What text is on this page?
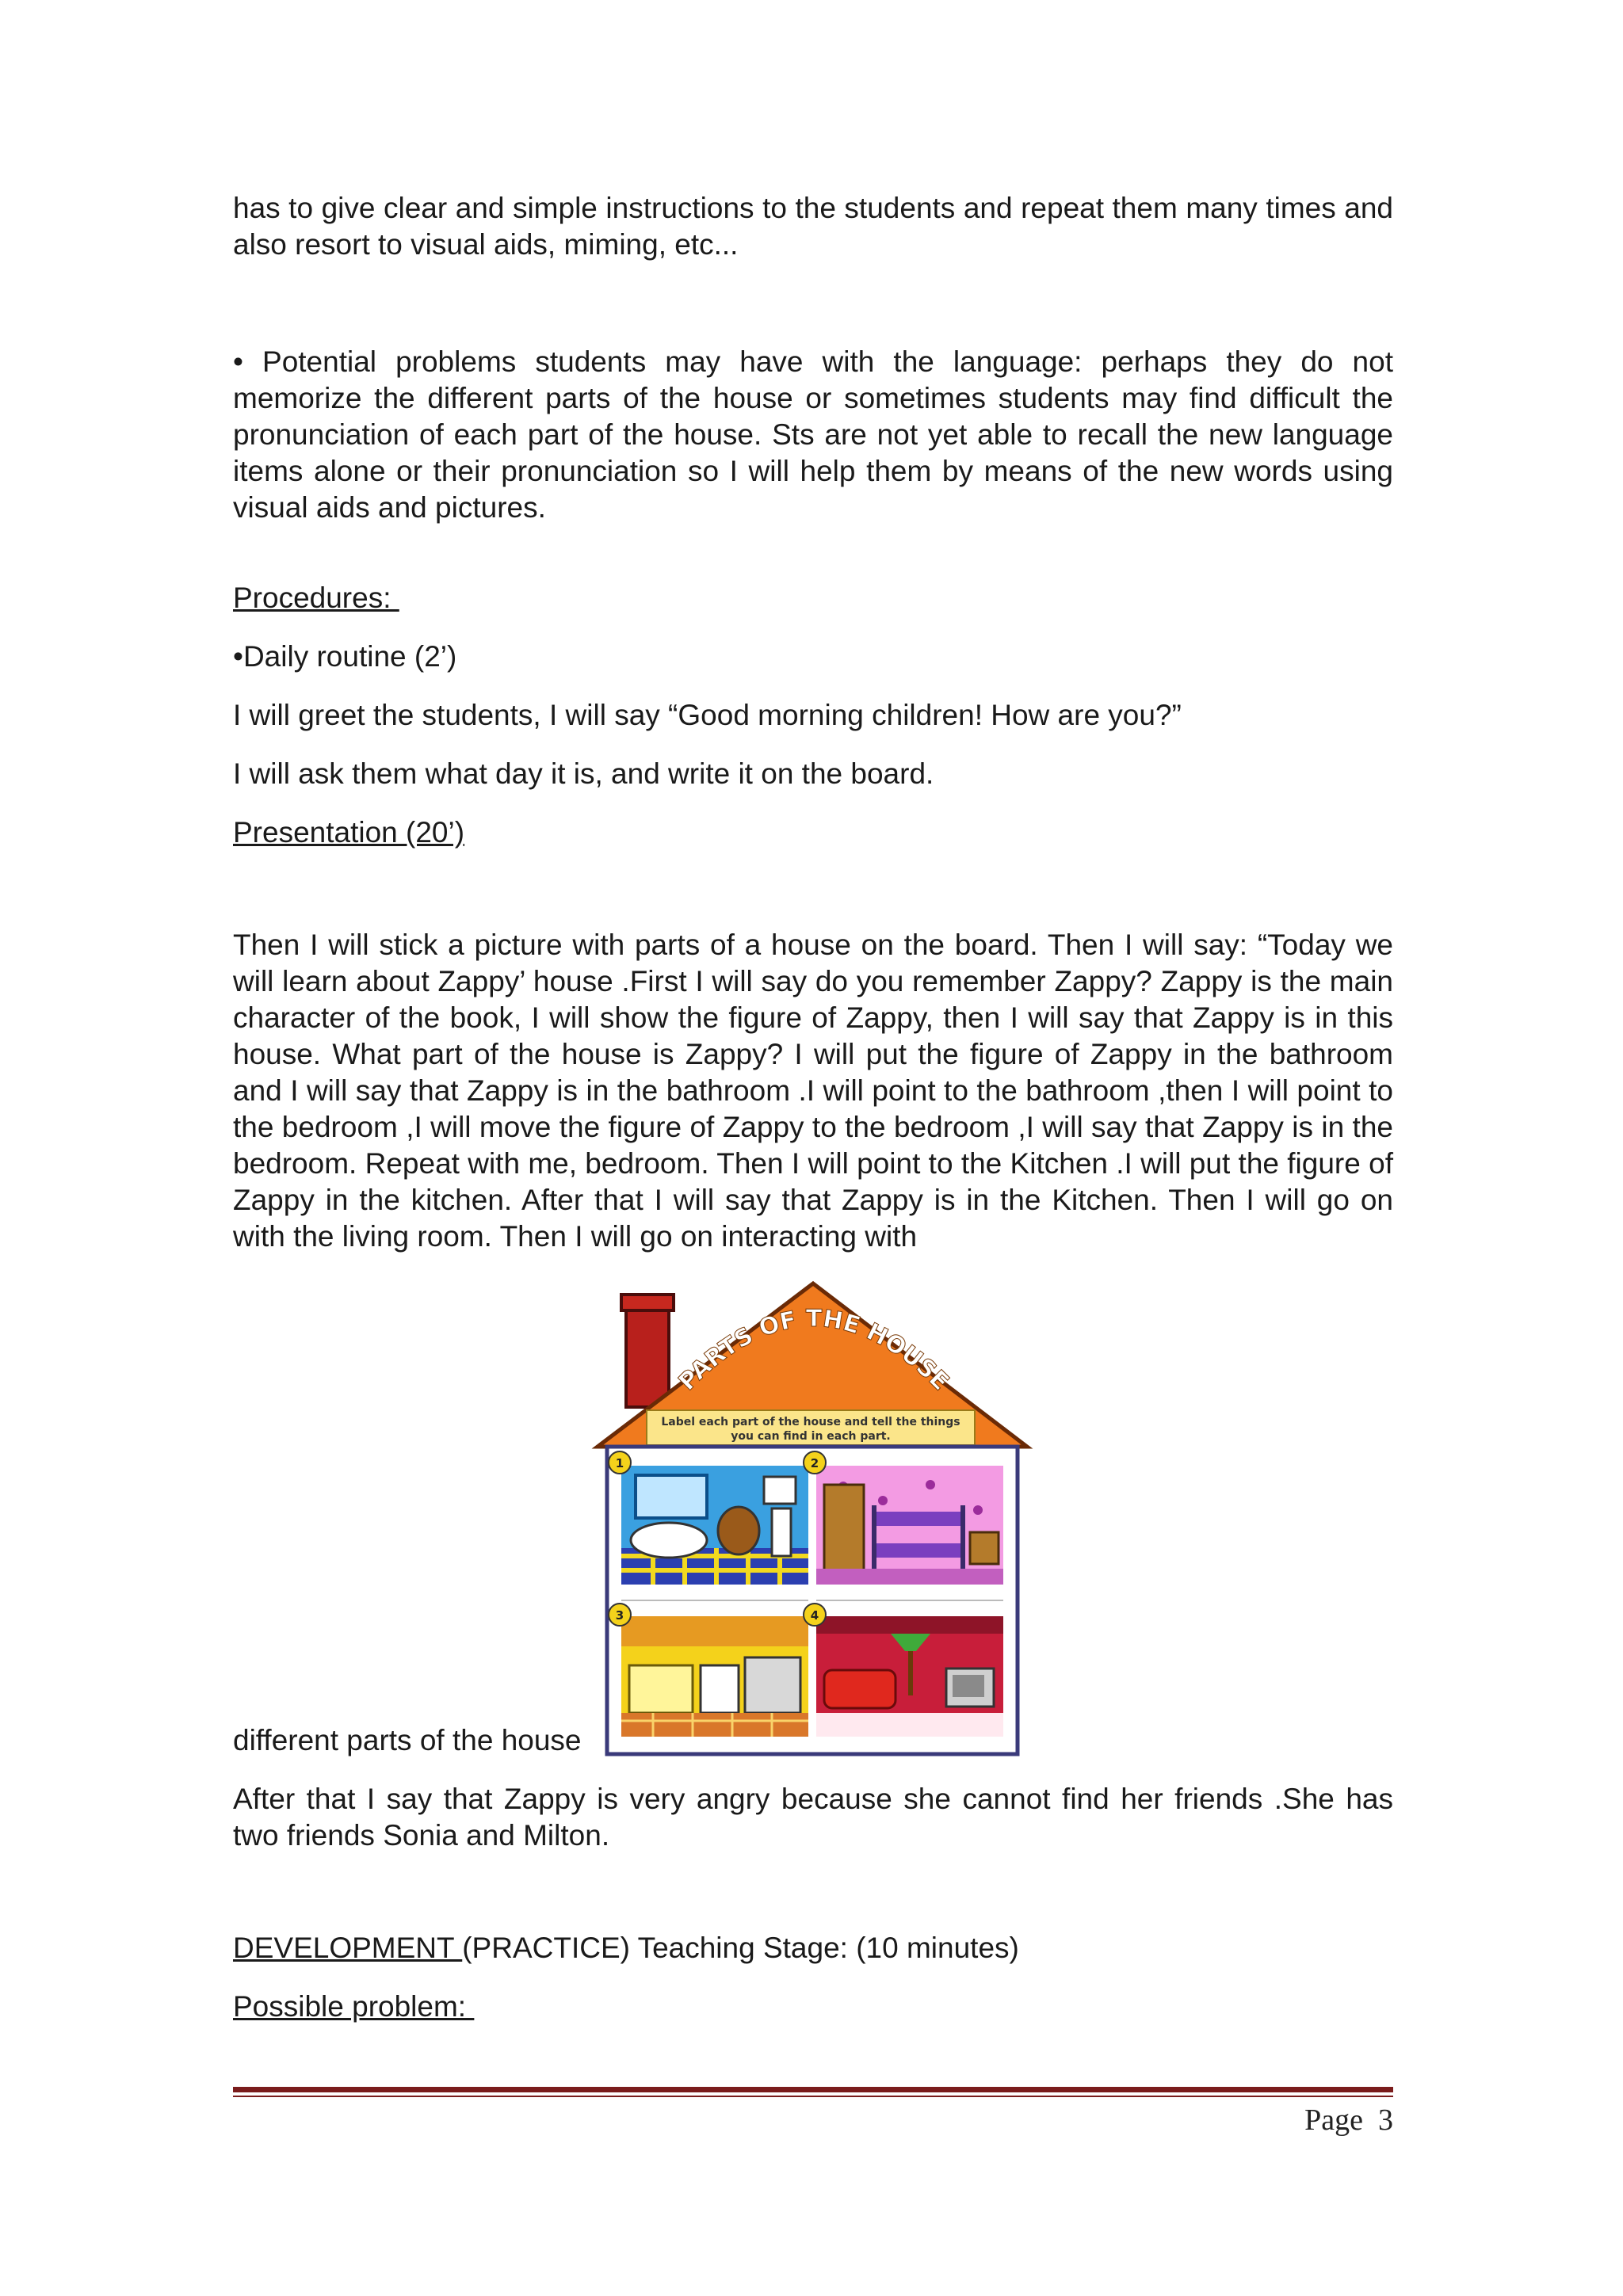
has to give clear and simple instructions to the students and repeat them many times and also resort to visual aids, miming, etc...

• Potential problems students may have with the language: perhaps they do not memorize the different parts of the house or sometimes students may find difficult the pronunciation of each part of the house. Sts are not yet able to recall the new language items alone or their pronunciation so I will help them by means of the new words using visual aids and pictures.

Procedures:

•Daily routine (2’)

I will greet the students, I will say “Good morning children! How are you?”

I will ask them what day it is, and write it on the board.

Presentation (20’)

Then I will stick a picture with parts of a house on the board. Then I will say: “Today we will learn about Zappy’ house .First I will say do you remember Zappy? Zappy is the main character of the book, I will show the figure of Zappy, then I will say that Zappy is in this house. What part of the house is Zappy? I will put the figure of Zappy in the bathroom and I will say that Zappy is in the bathroom .I will point to the bathroom ,then I will point to the bedroom ,I will move the figure of Zappy to the bedroom ,I will say that Zappy is in the bedroom. Repeat with me, bedroom. Then I will point to the Kitchen .I will put the figure of Zappy in the kitchen. After that I will say that Zappy is in the Kitchen. Then I will go on with the living room. Then I will go on interacting with

different parts of the house
PARTS OF THE HOUSE
Label each part of the house and tell the things
you can find in each part.
1	2
3	4

After that I say that Zappy is very angry because she cannot find her friends .She has two friends Sonia and Milton.

DEVELOPMENT (PRACTICE) Teaching Stage: (10 minutes)

Possible problem:

Page 3
